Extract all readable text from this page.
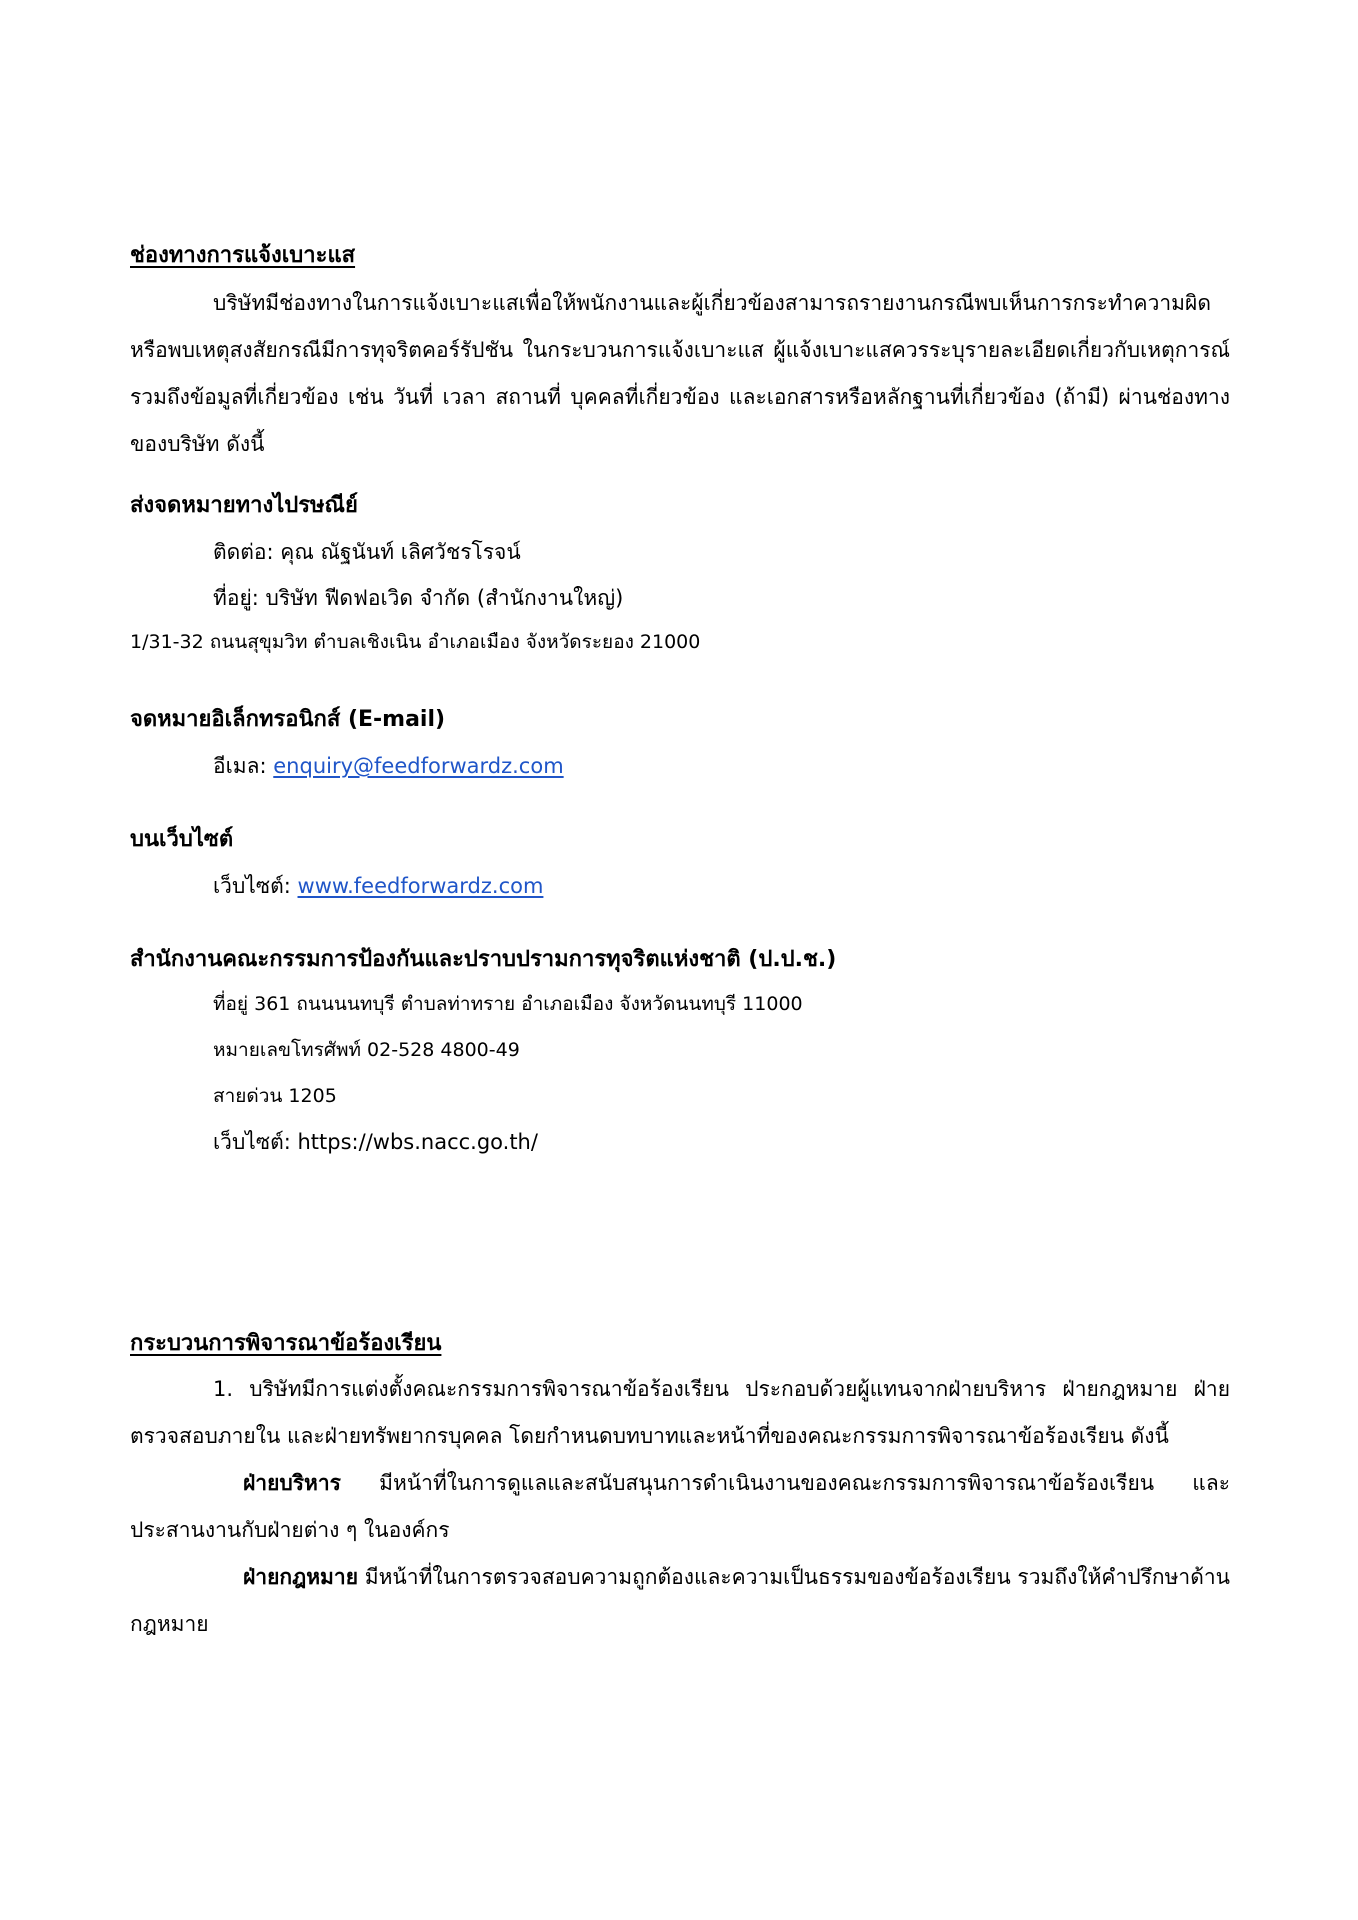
ช่องทางการแจ้งเบาะแส
บริษัทมีช่องทางในการแจ้งเบาะแสเพื่อให้พนักงานและผู้เกี่ยวข้องสามารถรายงานกรณีพบเห็นการกระทำความผิด หรือพบเหตุสงสัยกรณีมีการทุจริตคอร์รัปชัน ในกระบวนการแจ้งเบาะแส ผู้แจ้งเบาะแสควรระบุรายละเอียดเกี่ยวกับเหตุการณ์ รวมถึงข้อมูลที่เกี่ยวข้อง เช่น วันที่ เวลา สถานที่ บุคคลที่เกี่ยวข้อง และเอกสารหรือหลักฐานที่เกี่ยวข้อง (ถ้ามี) ผ่านช่องทางของบริษัท ดังนี้
ส่งจดหมายทางไปรษณีย์
ติดต่อ: คุณ ณัฐนันท์ เลิศวัชรโรจน์
ที่อยู่: บริษัท ฟีดฟอเวิด จำกัด (สำนักงานใหญ่)
1/31-32 ถนนสุขุมวิท ตำบลเชิงเนิน อำเภอเมือง จังหวัดระยอง 21000
จดหมายอิเล็กทรอนิกส์ (E-mail)
อีเมล: enquiry@feedforwardz.com
บนเว็บไซต์
เว็บไซต์: www.feedforwardz.com
สำนักงานคณะกรรมการป้องกันและปราบปรามการทุจริตแห่งชาติ (ป.ป.ช.)
ที่อยู่ 361 ถนนนนทบุรี ตำบลท่าทราย อำเภอเมือง จังหวัดนนทบุรี 11000
หมายเลขโทรศัพท์ 02-528 4800-49
สายด่วน 1205
เว็บไซต์: https://wbs.nacc.go.th/
กระบวนการพิจารณาข้อร้องเรียน
1. บริษัทมีการแต่งตั้งคณะกรรมการพิจารณาข้อร้องเรียน ประกอบด้วยผู้แทนจากฝ่ายบริหาร ฝ่ายกฎหมาย ฝ่ายตรวจสอบภายใน และฝ่ายทรัพยากรบุคคล โดยกำหนดบทบาทและหน้าที่ของคณะกรรมการพิจารณาข้อร้องเรียน ดังนี้
ฝ่ายบริหาร มีหน้าที่ในการดูแลและสนับสนุนการดำเนินงานของคณะกรรมการพิจารณาข้อร้องเรียน และประสานงานกับฝ่ายต่าง ๆ ในองค์กร
ฝ่ายกฎหมาย มีหน้าที่ในการตรวจสอบความถูกต้องและความเป็นธรรมของข้อร้องเรียน รวมถึงให้คำปรึกษาด้านกฎหมาย
